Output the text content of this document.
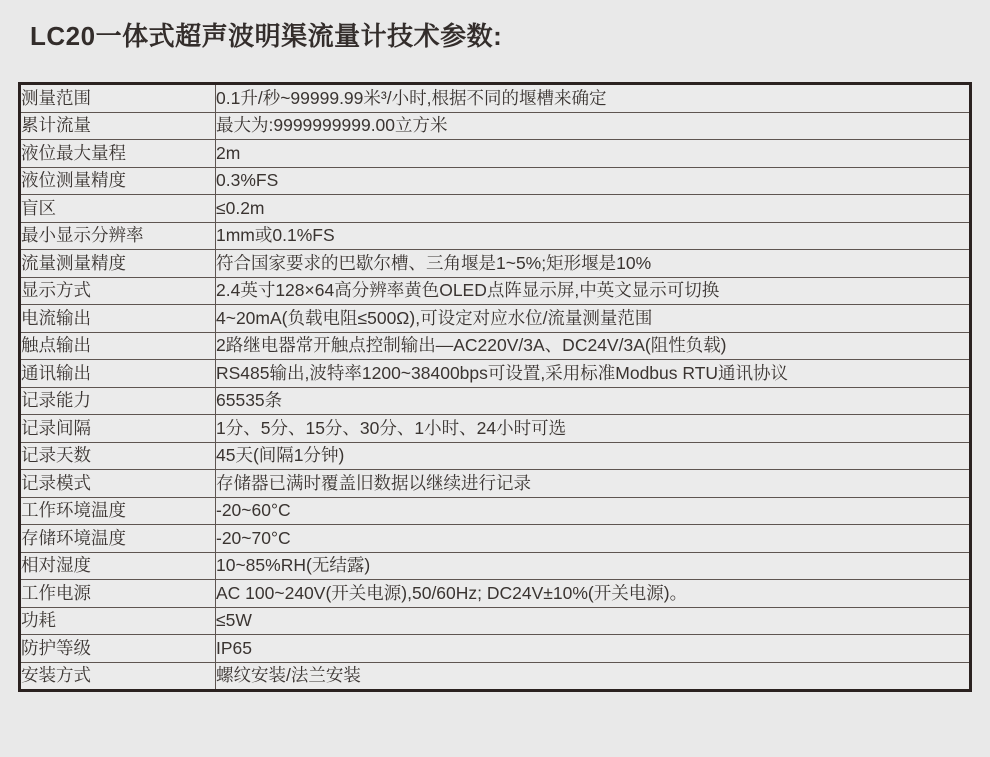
LC20一体式超声波明渠流量计技术参数:
测量范围	0.1升/秒~99999.99米³/小时,根据不同的堰槽来确定
累计流量	最大为:9999999999.00立方米
液位最大量程	2m
液位测量精度	0.3%FS
盲区	≤0.2m
最小显示分辨率	1mm或0.1%FS
流量测量精度	符合国家要求的巴歇尔槽、三角堰是1~5%;矩形堰是10%
显示方式	2.4英寸128×64高分辨率黄色OLED点阵显示屏,中英文显示可切换
电流输出	4~20mA(负载电阻≤500Ω),可设定对应水位/流量测量范围
触点输出	2路继电器常开触点控制输出—AC220V/3A、DC24V/3A(阻性负载)
通讯输出	RS485输出,波特率1200~38400bps可设置,采用标准Modbus RTU通讯协议
记录能力	65535条
记录间隔	1分、5分、15分、30分、1小时、24小时可选
记录天数	45天(间隔1分钟)
记录模式	存储器已满时覆盖旧数据以继续进行记录
工作环境温度	-20~60°C
存储环境温度	-20~70°C
相对湿度	10~85%RH(无结露)
工作电源	AC 100~240V(开关电源),50/60Hz; DC24V±10%(开关电源)。
功耗	≤5W
防护等级	IP65
安装方式	螺纹安装/法兰安装
